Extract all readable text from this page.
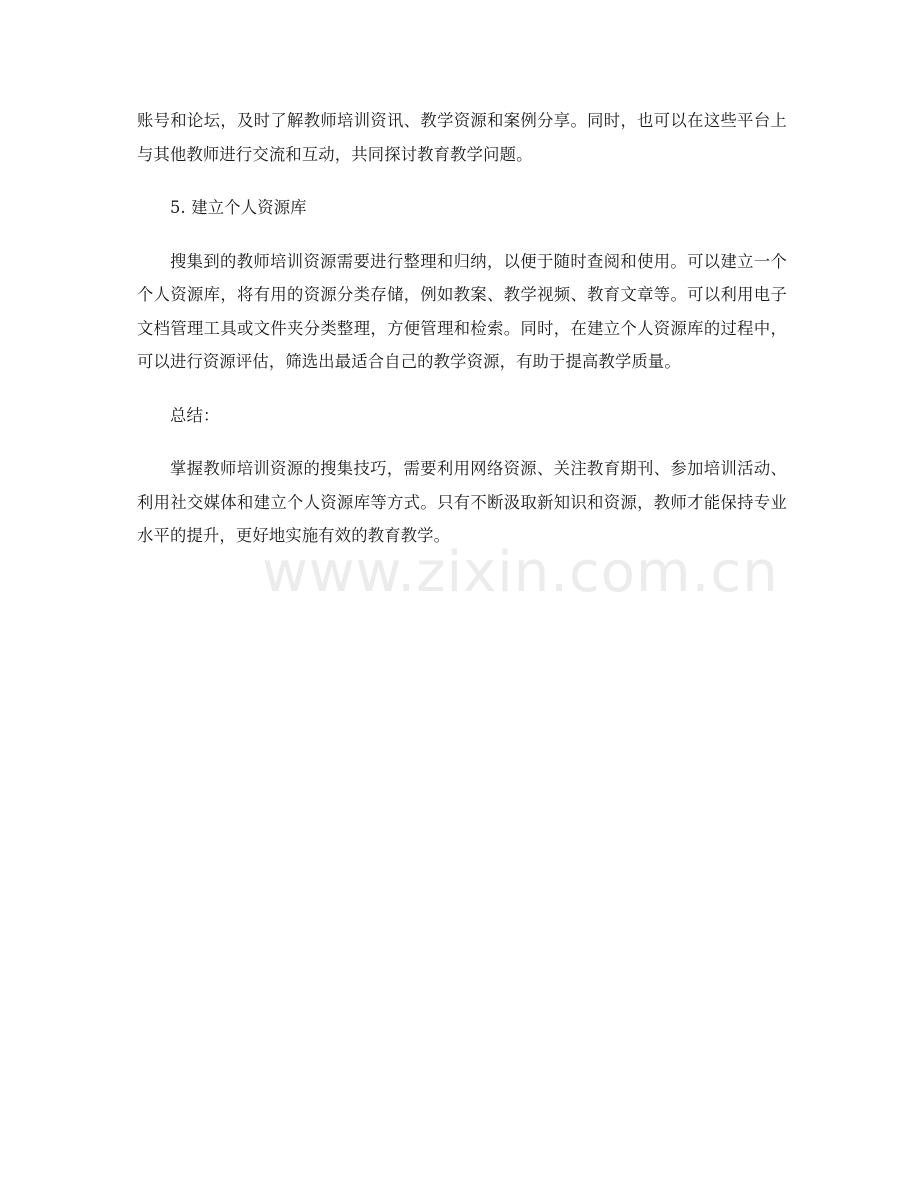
账号和论坛，及时了解教师培训资讯、教学资源和案例分享。同时，也可以在这些平台上与其他教师进行交流和互动，共同探讨教育教学问题。

5. 建立个人资源库

搜集到的教师培训资源需要进行整理和归纳，以便于随时查阅和使用。可以建立一个个人资源库，将有用的资源分类存储，例如教案、教学视频、教育文章等。可以利用电子文档管理工具或文件夹分类整理，方便管理和检索。同时，在建立个人资源库的过程中，可以进行资源评估，筛选出最适合自己的教学资源，有助于提高教学质量。

总结：

掌握教师培训资源的搜集技巧，需要利用网络资源、关注教育期刊、参加培训活动、利用社交媒体和建立个人资源库等方式。只有不断汲取新知识和资源，教师才能保持专业水平的提升，更好地实施有效的教育教学。

www.zixin.com.cn
